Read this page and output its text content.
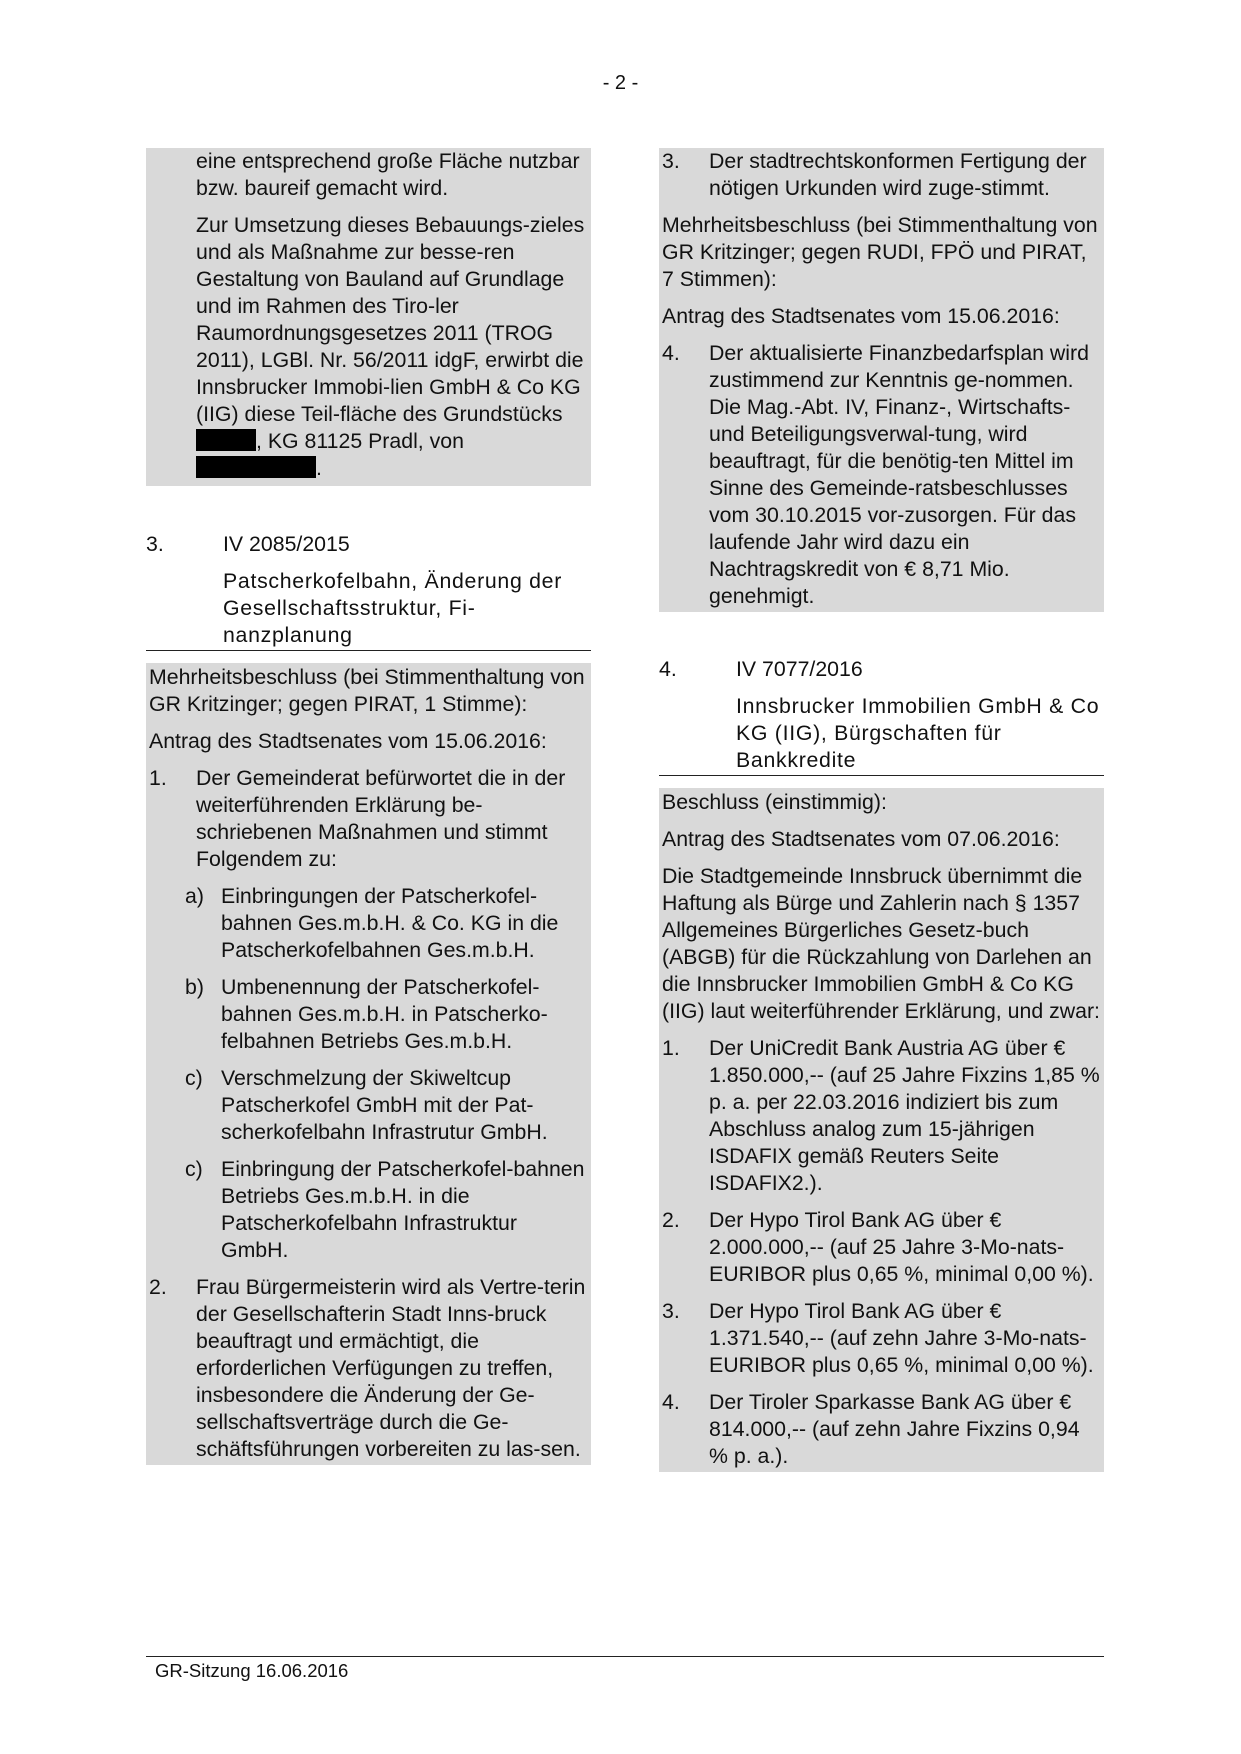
- 2 -

eine entsprechend große Fläche nutzbar bzw. baureif gemacht wird.

Zur Umsetzung dieses Bebauungs-zieles und als Maßnahme zur besse-ren Gestaltung von Bauland auf Grundlage und im Rahmen des Tiro-ler Raumordnungsgesetzes 2011 (TROG 2011), LGBl. Nr. 56/2011 idgF, erwirbt die Innsbrucker Immobi-lien GmbH & Co KG (IIG) diese Teil-fläche des Grundstücks, KG 81125 Pradl, von .

3.	IV 2085/2015
Patscherkofelbahn, Änderung der Gesellschaftsstruktur, Fi-nanzplanung

Mehrheitsbeschluss (bei Stimmenthaltung von GR Kritzinger; gegen PIRAT, 1 Stimme):

Antrag des Stadtsenates vom 15.06.2016:

1.	Der Gemeinderat befürwortet die in der weiterführenden Erklärung be-schriebenen Maßnahmen und stimmt Folgendem zu:
a) Einbringungen der Patscherkofel-bahnen Ges.m.b.H. & Co. KG in die Patscherkofelbahnen Ges.m.b.H.
b) Umbenennung der Patscherkofel-bahnen Ges.m.b.H. in Patscherko-felbahnen Betriebs Ges.m.b.H.
c) Verschmelzung der Skiweltcup Patscherkofel GmbH mit der Pat-scherkofelbahn Infrastrutur GmbH.
c) Einbringung der Patscherkofel-bahnen Betriebs Ges.m.b.H. in die Patscherkofelbahn Infrastruktur GmbH.
2.	Frau Bürgermeisterin wird als Vertre-terin der Gesellschafterin Stadt Inns-bruck beauftragt und ermächtigt, die erforderlichen Verfügungen zu treffen, insbesondere die Änderung der Ge-sellschaftsverträge durch die Ge-schäftsführungen vorbereiten zu las-sen.
3.	Der stadtrechtskonformen Fertigung der nötigen Urkunden wird zuge-stimmt.

Mehrheitsbeschluss (bei Stimmenthaltung von GR Kritzinger; gegen RUDI, FPÖ und PIRAT, 7 Stimmen):

Antrag des Stadtsenates vom 15.06.2016:

4.	Der aktualisierte Finanzbedarfsplan wird zustimmend zur Kenntnis ge-nommen. Die Mag.-Abt. IV, Finanz-, Wirtschafts- und Beteiligungsverwal-tung, wird beauftragt, für die benötig-ten Mittel im Sinne des Gemeinde-ratsbeschlusses vom 30.10.2015 vor-zusorgen. Für das laufende Jahr wird dazu ein Nachtragskredit von € 8,71 Mio. genehmigt.
4.	IV 7077/2016
Innsbrucker Immobilien GmbH & Co KG (IIG), Bürgschaften für Bankkredite

Beschluss (einstimmig):

Antrag des Stadtsenates vom 07.06.2016:

Die Stadtgemeinde Innsbruck übernimmt die Haftung als Bürge und Zahlerin nach § 1357 Allgemeines Bürgerliches Gesetz-buch (ABGB) für die Rückzahlung von Darlehen an die Innsbrucker Immobilien GmbH & Co KG (IIG) laut weiterführender Erklärung, und zwar:

1.	Der UniCredit Bank Austria AG über € 1.850.000,-- (auf 25 Jahre Fixzins 1,85 % p. a. per 22.03.2016 indiziert bis zum Abschluss analog zum 15-jährigen ISDAFIX gemäß Reuters Seite ISDAFIX2.).
2.	Der Hypo Tirol Bank AG über € 2.000.000,-- (auf 25 Jahre 3-Mo-nats-EURIBOR plus 0,65 %, minimal 0,00 %).
3.	Der Hypo Tirol Bank AG über € 1.371.540,-- (auf zehn Jahre 3-Mo-nats-EURIBOR plus 0,65 %, minimal 0,00 %).
4.	Der Tiroler Sparkasse Bank AG über € 814.000,-- (auf zehn Jahre Fixzins 0,94 % p. a.).
GR-Sitzung 16.06.2016
